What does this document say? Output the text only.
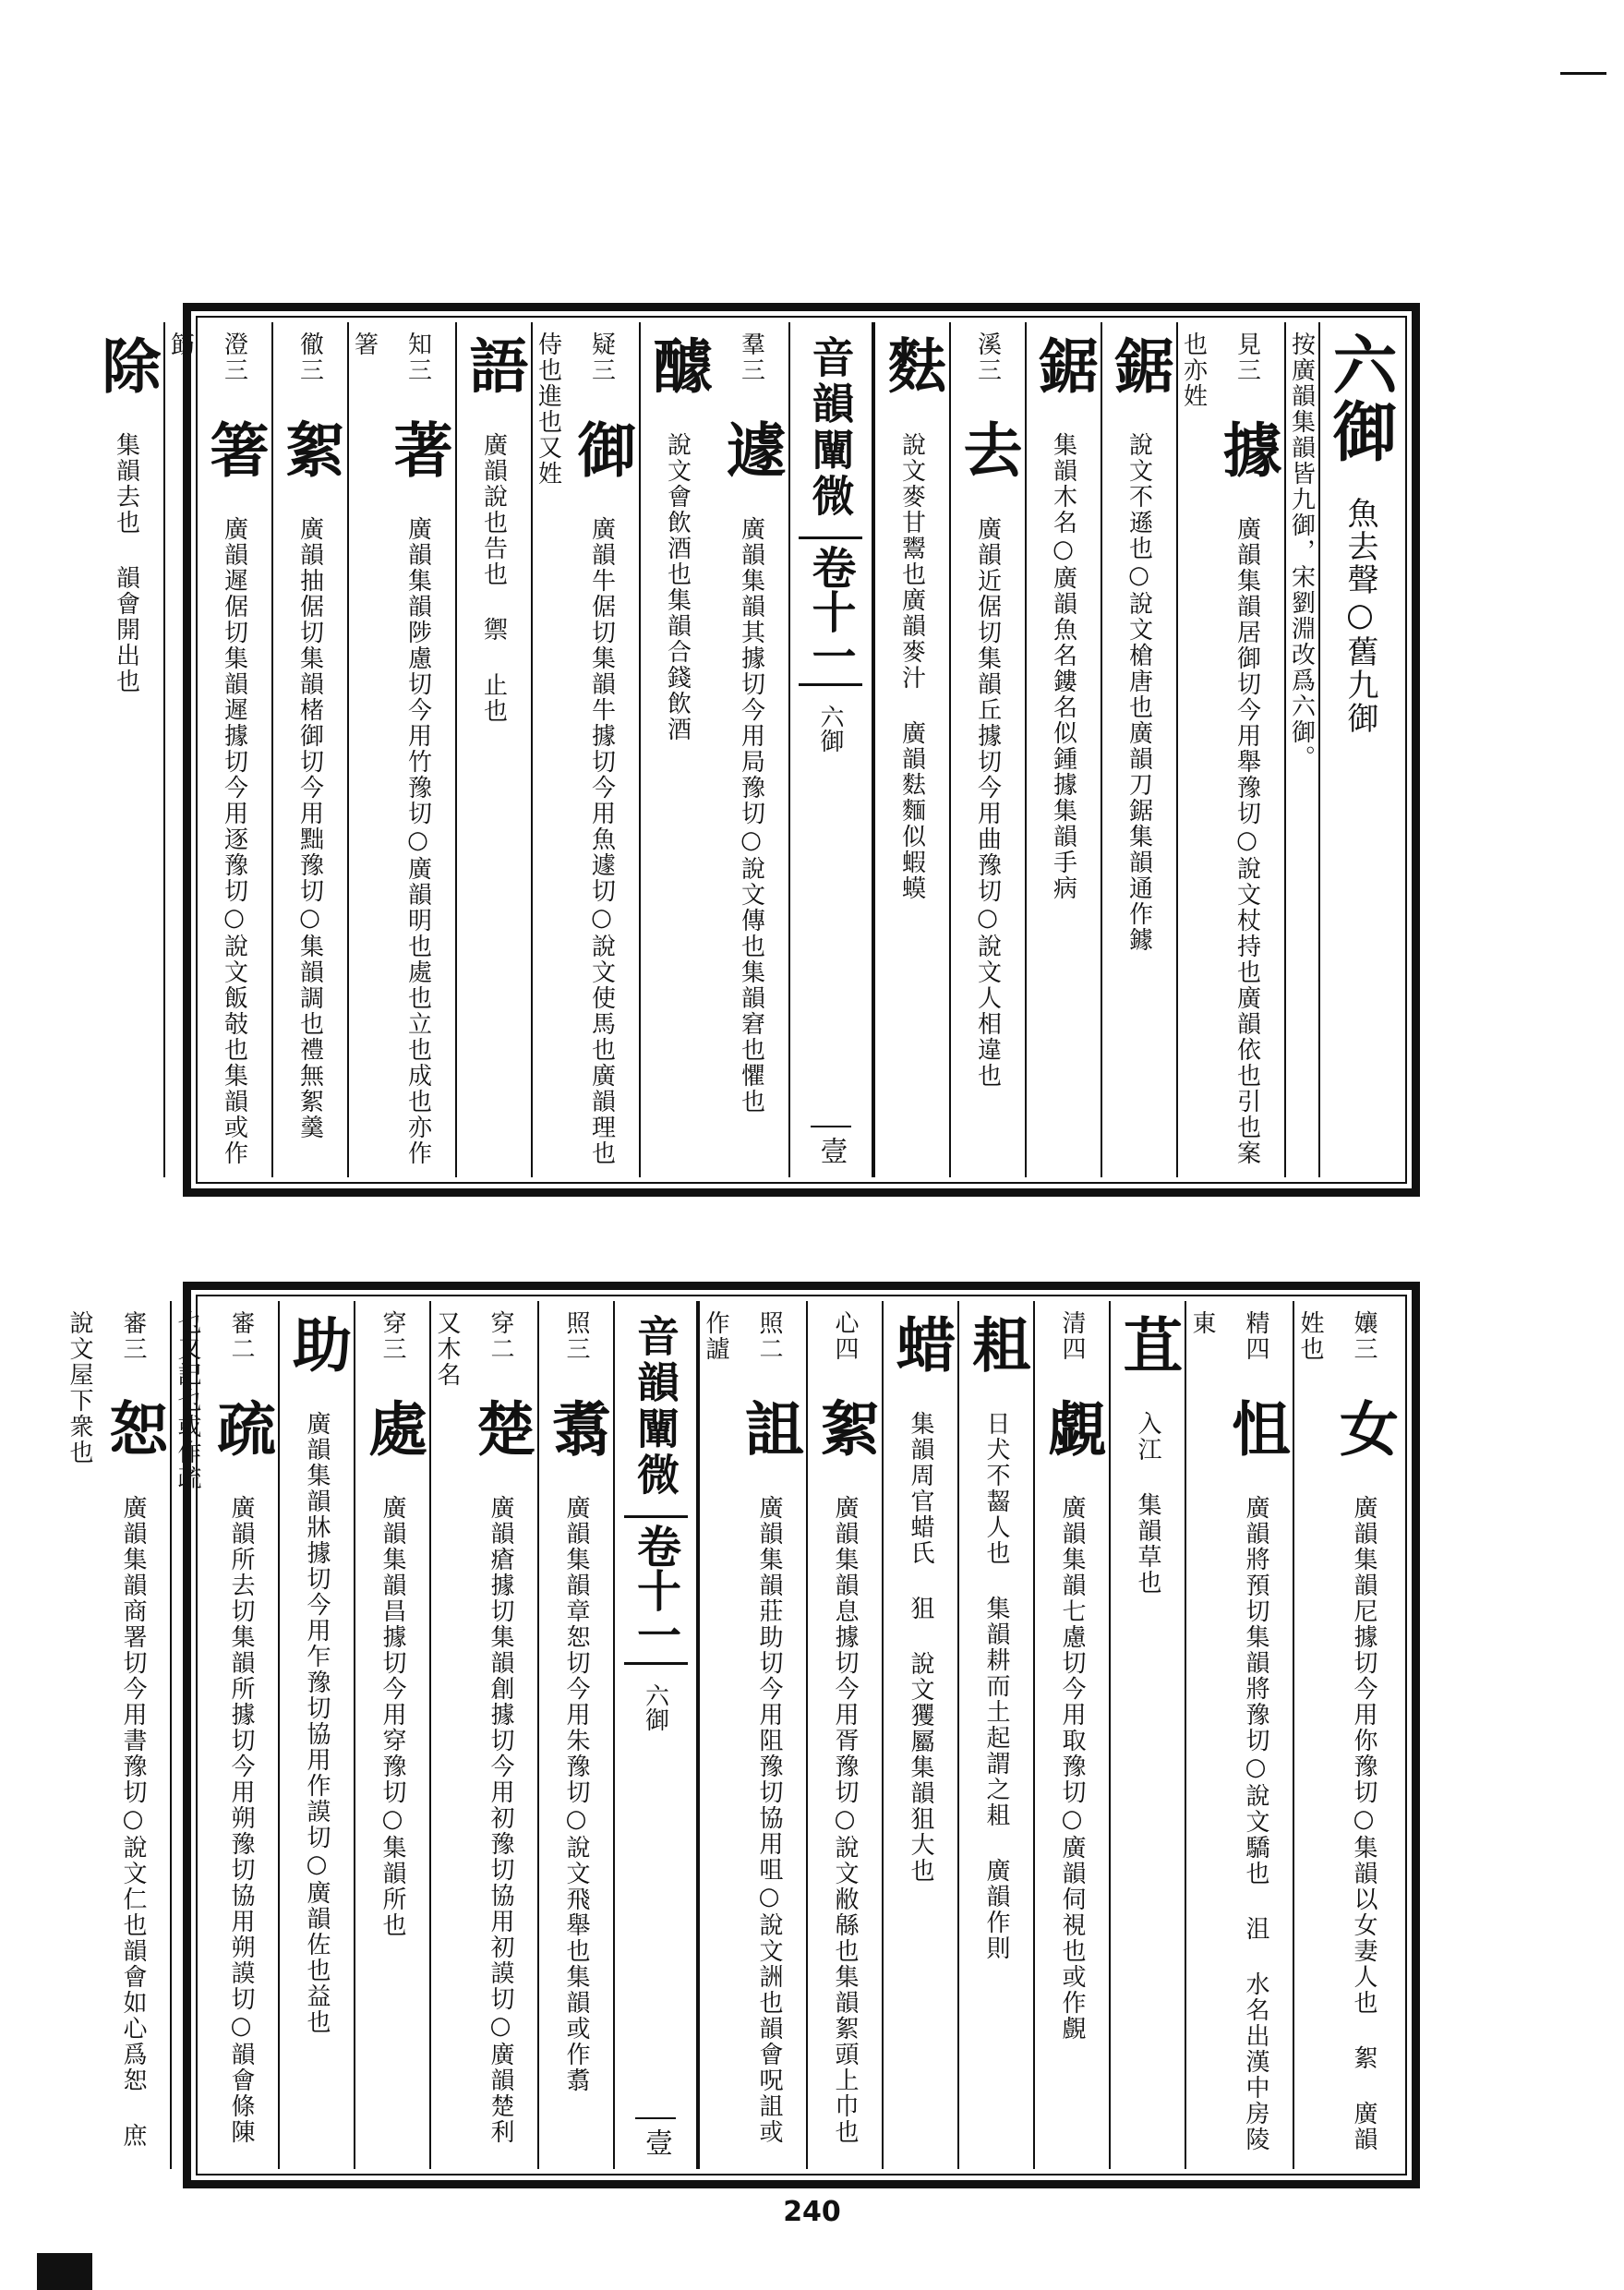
六御 魚去聲○舊九御
按廣韻集韻皆九御，宋劉淵改爲六御。
見三 據 廣韻集韻居御切今用舉豫切○說文杖持也廣韻依也引也案也亦姓
鋸 說文不遜也○說文槍唐也廣韻刀鋸集韻通作鐻
鋸 集韻木名○廣韻魚名鏤名似鍾據集韻手病
溪三 去 廣韻近倨切集韻丘據切今用曲豫切○說文人相違也
麮 說文麥甘鬻也廣韻麥汁 廣韻麮麵似蝦蟆
音韻闡微
卷十一
六御
壹
羣三 遽 廣韻集韻其據切今用局豫切○說文傳也集韻窘也懼也 醵 說文會飲酒也集韻合錢飲酒
疑三 御 廣韻牛倨切集韻牛據切今用魚遽切○說文使馬也廣韻理也侍也進也又姓
語 廣韻說也告也 禦 止也
知三 著 廣韻集韻陟慮切今用竹豫切○廣韻明也處也立也成也亦作箸
徹三 絮 廣韻抽倨切集韻楮御切今用黜豫切○集韻調也禮無絮羹
澄三 箸 廣韻遲倨切集韻遲據切今用逐豫切○說文飯攲也集韻或作筯
除 集韻去也 韻會開出也
孃三 女 廣韻集韻尼據切今用你豫切○集韻以女妻人也 絮 廣韻姓也
精四 怚 廣韻將預切集韻將豫切○說文驕也 沮 水名出漢中房陵東
苴 入江 集韻草也
清四 覷 廣韻集韻七慮切今用取豫切○廣韻伺視也或作覻
耝 日犬不齧人也 集韻耕而土起謂之耝 廣韻作則
蜡 集韻周官蜡氏 狙 說文玃屬集韻狙大也
心四 絮 廣韻集韻息據切今用胥豫切○說文敝緜也集韻絮頭上巾也
照二 詛 廣韻集韻莊助切今用阻豫切協用咀○說文詶也韻會呪詛或作謯
音韻闡微
卷十一
六御
壹
照三 翥 廣韻集韻章恕切今用朱豫切○說文飛舉也集韻或作翥
穿二 楚 廣韻瘡據切集韻創據切今用初豫切協用初謨切○廣韻楚利又木名
穿三 處 廣韻集韻昌據切今用穿豫切○集韻所也
助 廣韻集韻牀據切今用乍豫切協用作謨切○廣韻佐也益也
審二 疏 廣韻所去切集韻所據切今用朔豫切協用朔謨切○韻會條陳也又記也或作疏
審三 恕 廣韻集韻商署切今用書豫切○說文仁也韻會如心爲恕 庶 說文屋下衆也
240
